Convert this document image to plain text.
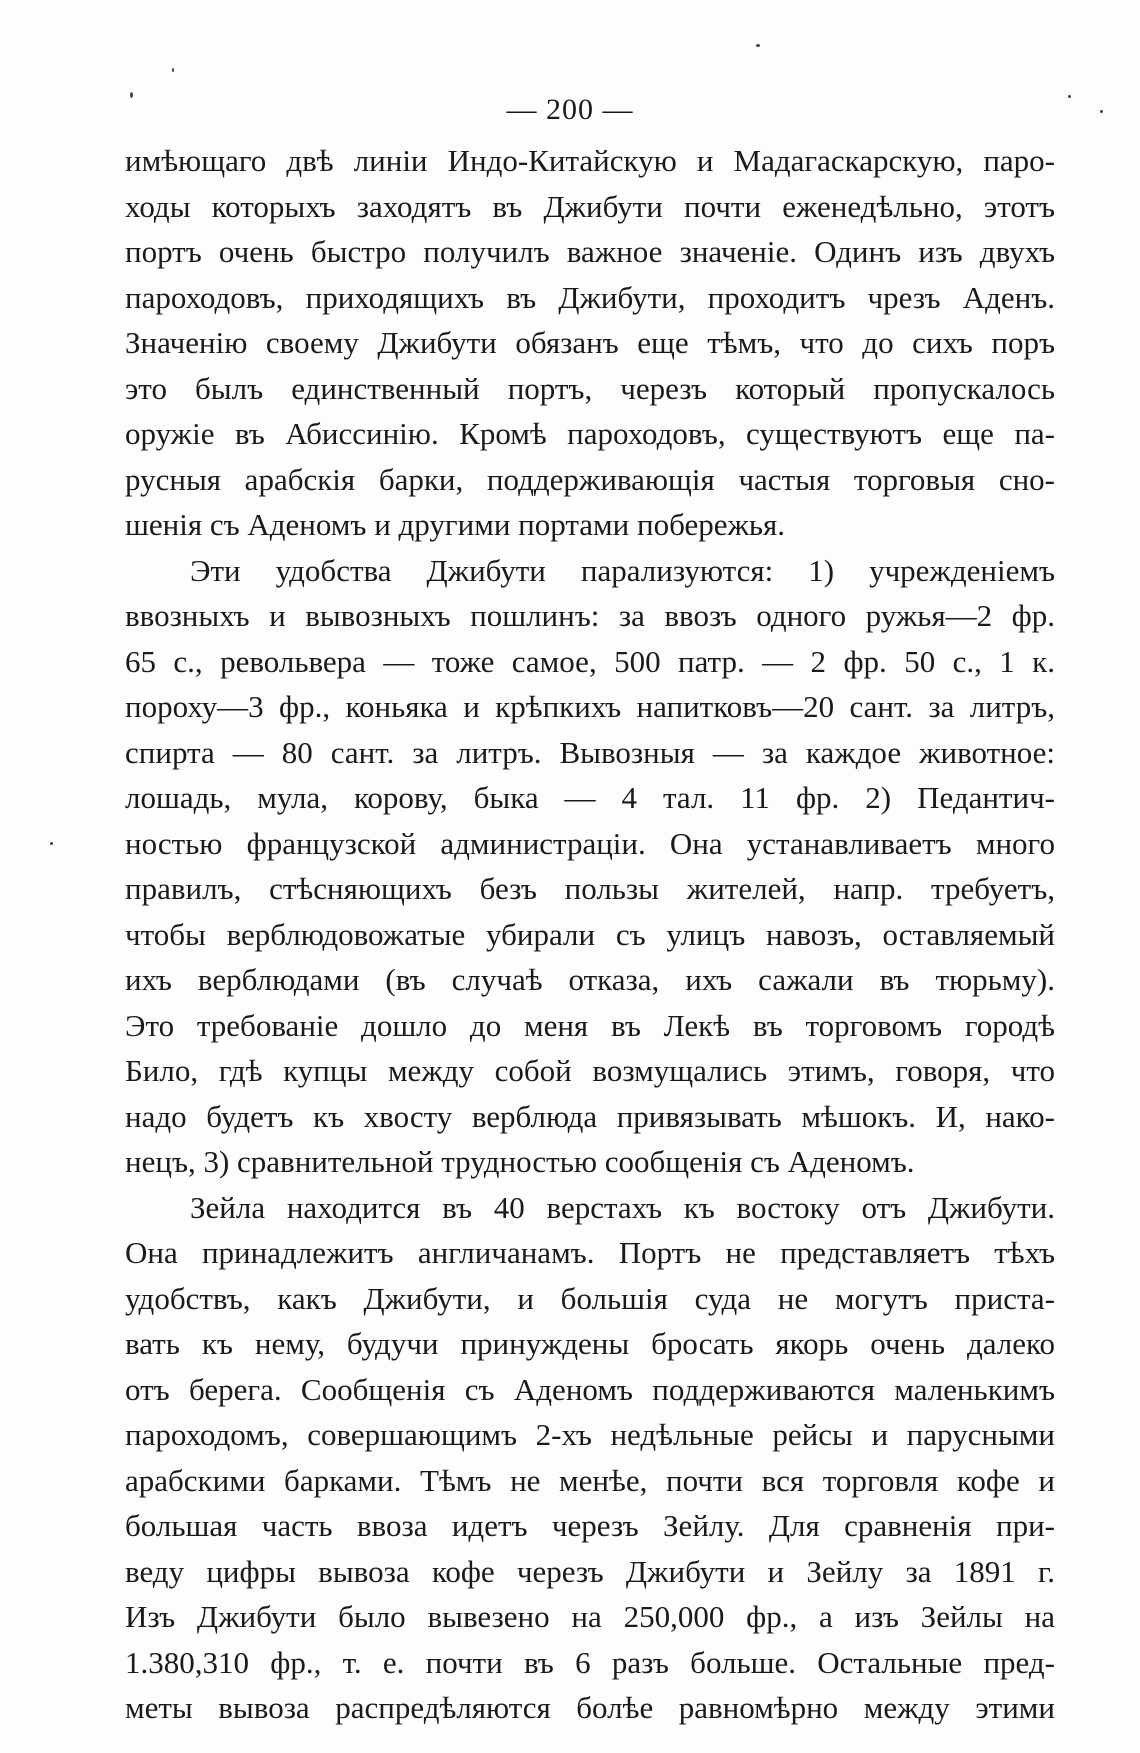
— 200 —
имѣющаго двѣ линіи Индо-Китайскую и Мадагаскарскую, паро-
ходы которыхъ заходятъ въ Джибути почти еженедѣльно, этотъ
портъ очень быстро получилъ важное значеніе. Одинъ изъ двухъ
пароходовъ, приходящихъ въ Джибути, проходитъ чрезъ Аденъ.
Значенію своему Джибути обязанъ еще тѣмъ, что до сихъ поръ
это былъ единственный портъ, черезъ который пропускалось
оружіе въ Абиссинію. Кромѣ пароходовъ, существуютъ еще па-
русныя арабскія барки, поддерживающія частыя торговыя сно-
шенія съ Аденомъ и другими портами побережья.
Эти удобства Джибути парализуются: 1) учрежденіемъ
ввозныхъ и вывозныхъ пошлинъ: за ввозъ одного ружья—2 фр.
65 с., револьвера — тоже самое, 500 патр. — 2 фр. 50 с., 1 к.
пороху—3 фр., коньяка и крѣпкихъ напитковъ—20 сант. за литръ,
спирта — 80 сант. за литръ. Вывозныя — за каждое животное:
лошадь, мула, корову, быка — 4 тал. 11 фр. 2) Педантич-
ностью французской администраціи. Она устанавливаетъ много
правилъ, стѣсняющихъ безъ пользы жителей, напр. требуетъ,
чтобы верблюдовожатые убирали съ улицъ навозъ, оставляемый
ихъ верблюдами (въ случаѣ отказа, ихъ сажали въ тюрьму).
Это требованіе дошло до меня въ Лекѣ въ торговомъ городѣ
Било, гдѣ купцы между собой возмущались этимъ, говоря, что
надо будетъ къ хвосту верблюда привязывать мѣшокъ. И, нако-
нецъ, 3) сравнительной трудностью сообщенія съ Аденомъ.
Зейла находится въ 40 верстахъ къ востоку отъ Джибути.
Она принадлежитъ англичанамъ. Портъ не представляетъ тѣхъ
удобствъ, какъ Джибути, и большія суда не могутъ приста-
вать къ нему, будучи принуждены бросать якорь очень далеко
отъ берега. Сообщенія съ Аденомъ поддерживаются маленькимъ
пароходомъ, совершающимъ 2-хъ недѣльные рейсы и парусными
арабскими барками. Тѣмъ не менѣе, почти вся торговля кофе и
большая часть ввоза идетъ черезъ Зейлу. Для сравненія при-
веду цифры вывоза кофе черезъ Джибути и Зейлу за 1891 г.
Изъ Джибути было вывезено на 250,000 фр., а изъ Зейлы на
1.380,310 фр., т. е. почти въ 6 разъ больше. Остальные пред-
меты вывоза распредѣляются болѣе равномѣрно между этими
